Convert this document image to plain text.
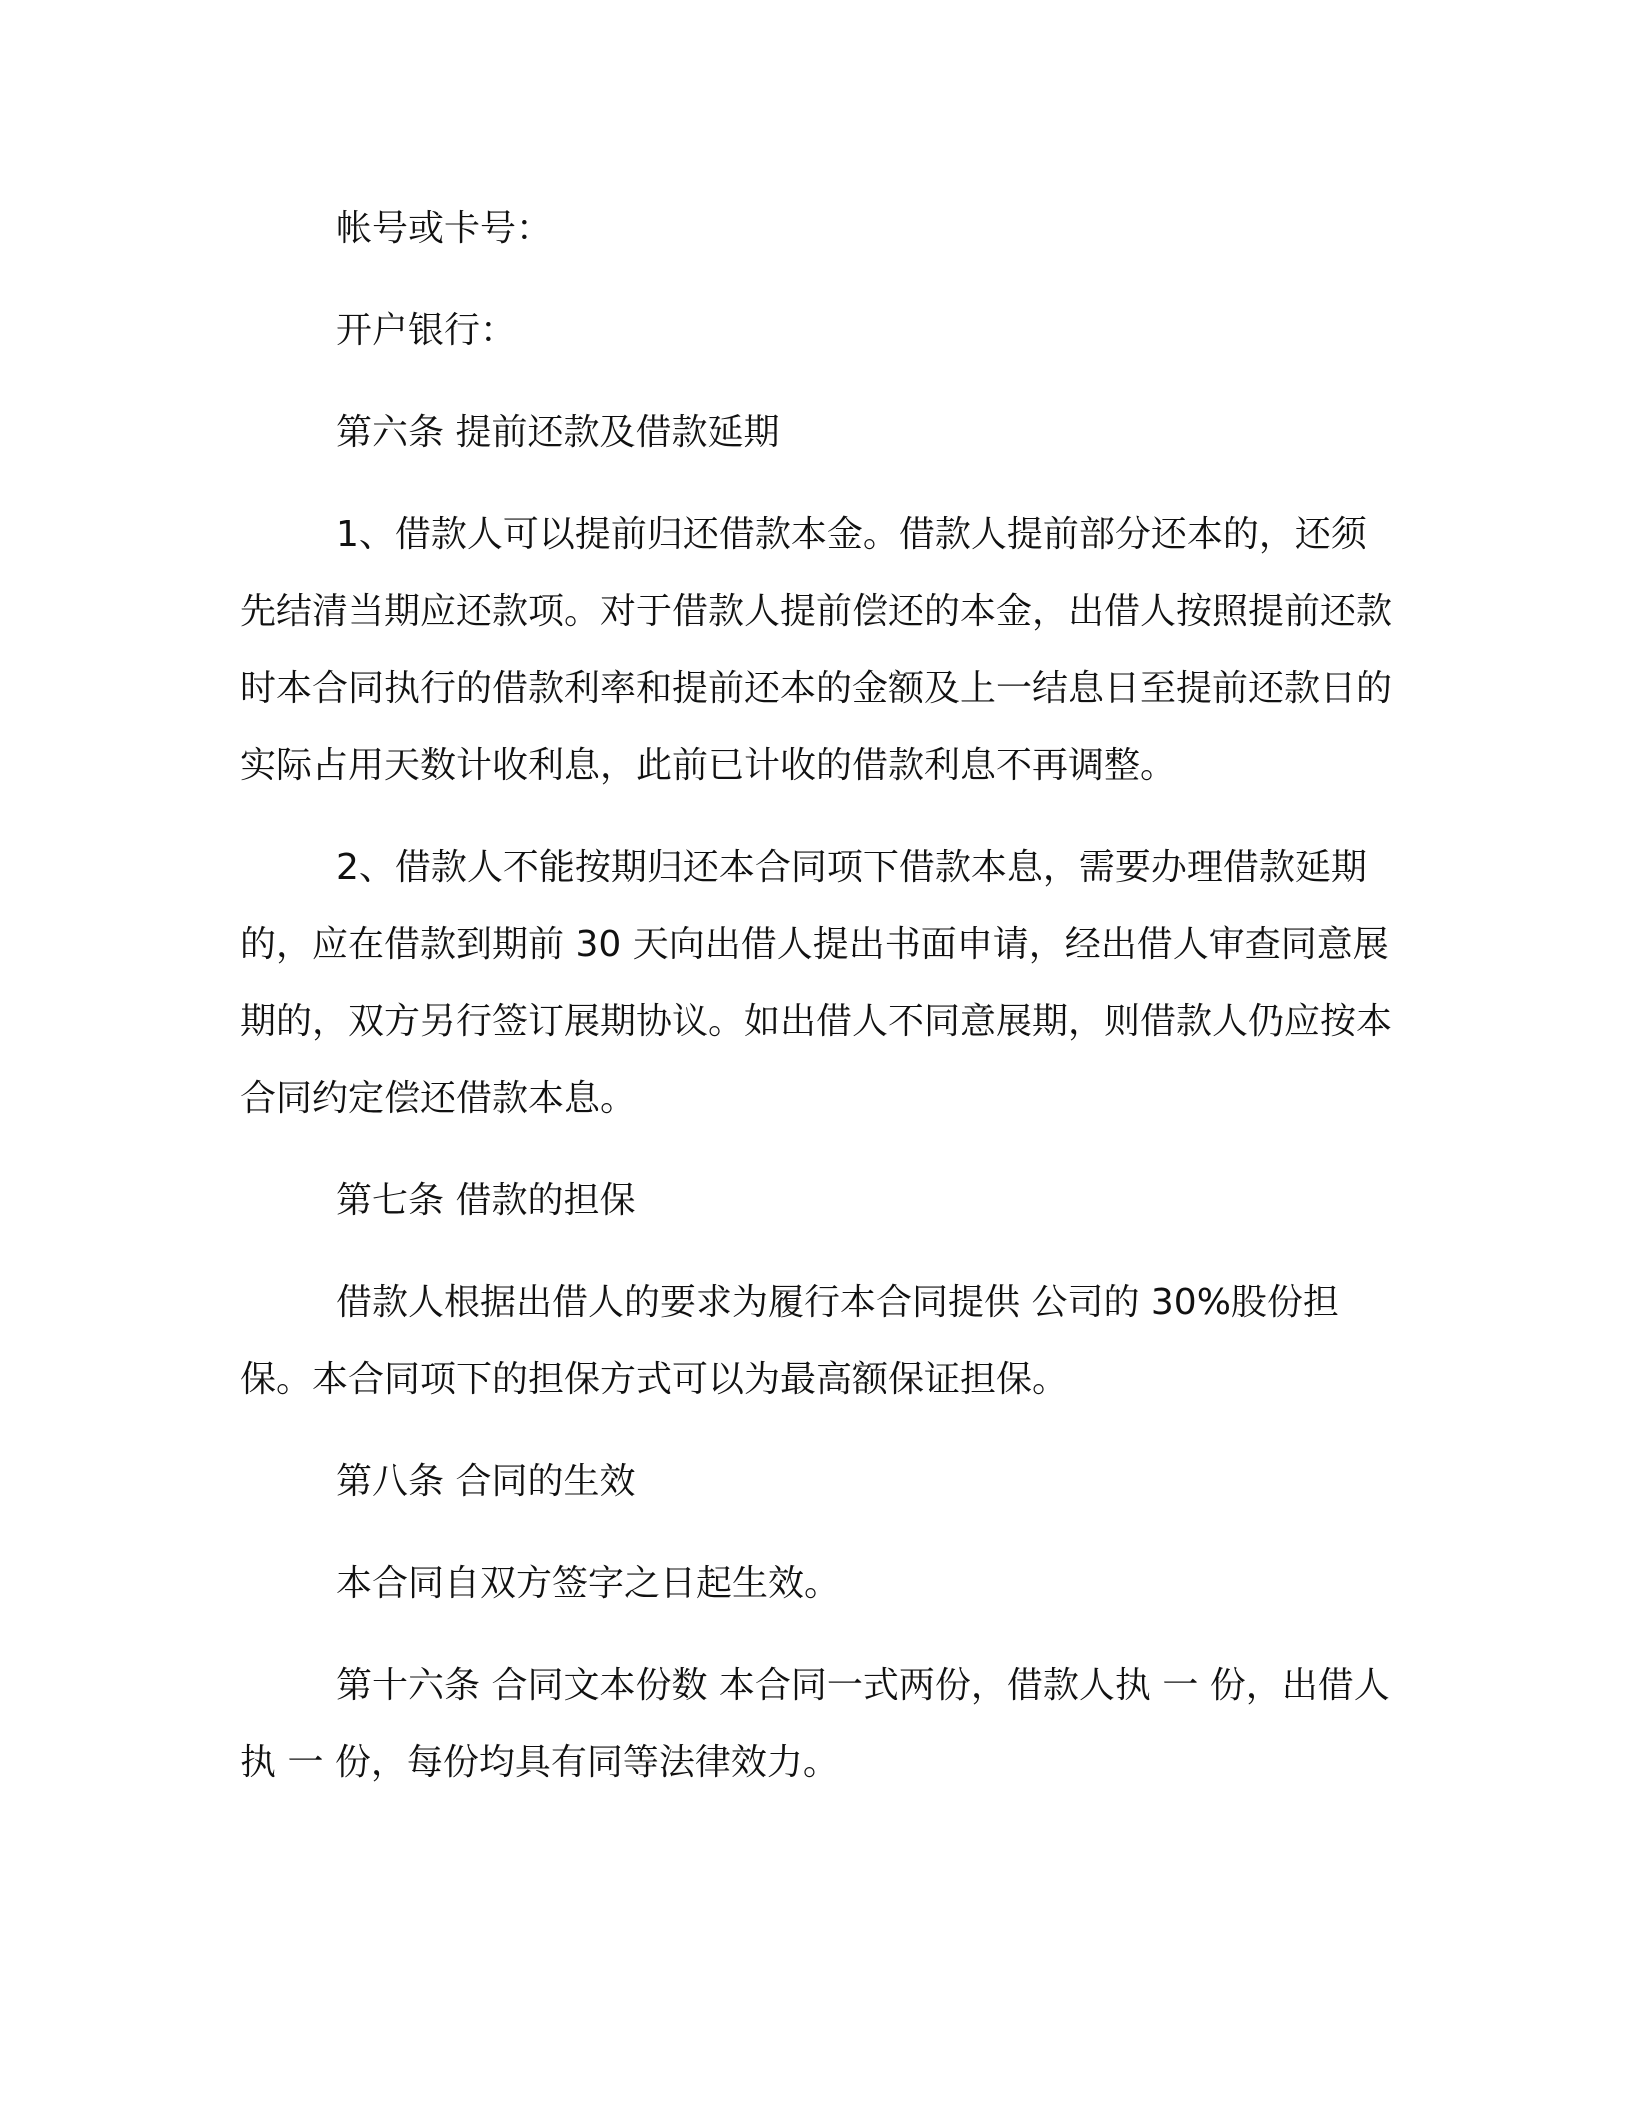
帐号或卡号：

开户银行：

第六条 提前还款及借款延期

1、借款人可以提前归还借款本金。借款人提前部分还本的，还须先结清当期应还款项。对于借款人提前偿还的本金，出借人按照提前还款时本合同执行的借款利率和提前还本的金额及上一结息日至提前还款日的实际占用天数计收利息，此前已计收的借款利息不再调整。

2、借款人不能按期归还本合同项下借款本息，需要办理借款延期的，应在借款到期前 30 天向出借人提出书面申请，经出借人审查同意展期的，双方另行签订展期协议。如出借人不同意展期，则借款人仍应按本合同约定偿还借款本息。

第七条 借款的担保

借款人根据出借人的要求为履行本合同提供 公司的 30%股份担保。本合同项下的担保方式可以为最高额保证担保。

第八条 合同的生效

本合同自双方签字之日起生效。

第十六条 合同文本份数 本合同一式两份，借款人执 一 份，出借人执 一 份，每份均具有同等法律效力。
